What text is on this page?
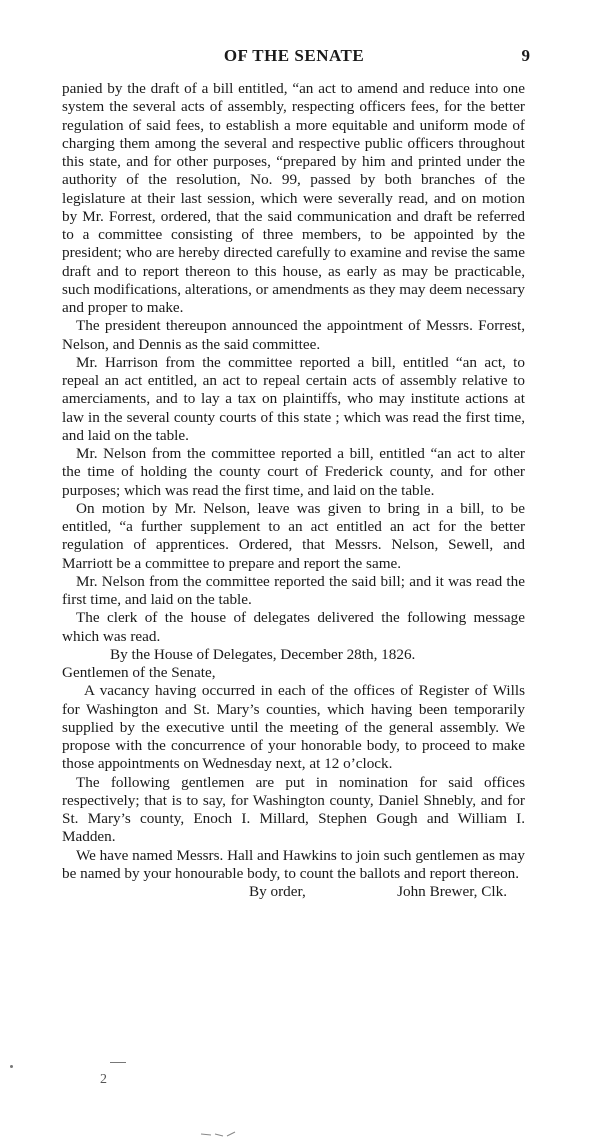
OF THE SENATE	9

panied by the draft of a bill entitled, “an act to amend and reduce into one system the several acts of assembly, respecting officers fees, for the better regulation of said fees, to establish a more equitable and uniform mode of charging them among the several and respective public officers throughout this state, and for other purposes, “prepared by him and printed under the authority of the resolution, No. 99, passed by both branches of the legislature at their last session, which were severally read, and on motion by Mr. Forrest, ordered, that the said communication and draft be referred to a committee consisting of three members, to be appointed by the president; who are hereby directed carefully to examine and revise the same draft and to report thereon to this house, as early as may be practicable, such modifications, alterations, or amendments as they may deem necessary and proper to make.

The president thereupon announced the appointment of Messrs. Forrest, Nelson, and Dennis as the said committee.

Mr. Harrison from the committee reported a bill, entitled “an act, to repeal an act entitled, an act to repeal certain acts of assembly relative to amerciaments, and to lay a tax on plaintiffs, who may institute actions at law in the several county courts of this state ; which was read the first time, and laid on the table.

Mr. Nelson from the committee reported a bill, entitled “an act to alter the time of holding the county court of Frederick county, and for other purposes; which was read the first time, and laid on the table.

On motion by Mr. Nelson, leave was given to bring in a bill, to be entitled, “a further supplement to an act entitled an act for the better regulation of apprentices. Ordered, that Messrs. Nelson, Sewell, and Marriott be a committee to prepare and report the same.

Mr. Nelson from the committee reported the said bill; and it was read the first time, and laid on the table.

The clerk of the house of delegates delivered the following message which was read.

By the House of Delegates, December 28th, 1826.

Gentlemen of the Senate,

A vacancy having occurred in each of the offices of Register of Wills for Washington and St. Mary’s counties, which having been temporarily supplied by the executive until the meeting of the general assembly. We propose with the concurrence of your honorable body, to proceed to make those appointments on Wednesday next, at 12 o’clock.

The following gentlemen are put in nomination for said offices respectively; that is to say, for Washington county, Daniel Shnebly, and for St. Mary’s county, Enoch I. Millard, Stephen Gough and William I. Madden.

We have named Messrs. Hall and Hawkins to join such gentlemen as may be named by your honourable body, to count the ballots and report thereon.

By order,	John Brewer, Clk.
2
